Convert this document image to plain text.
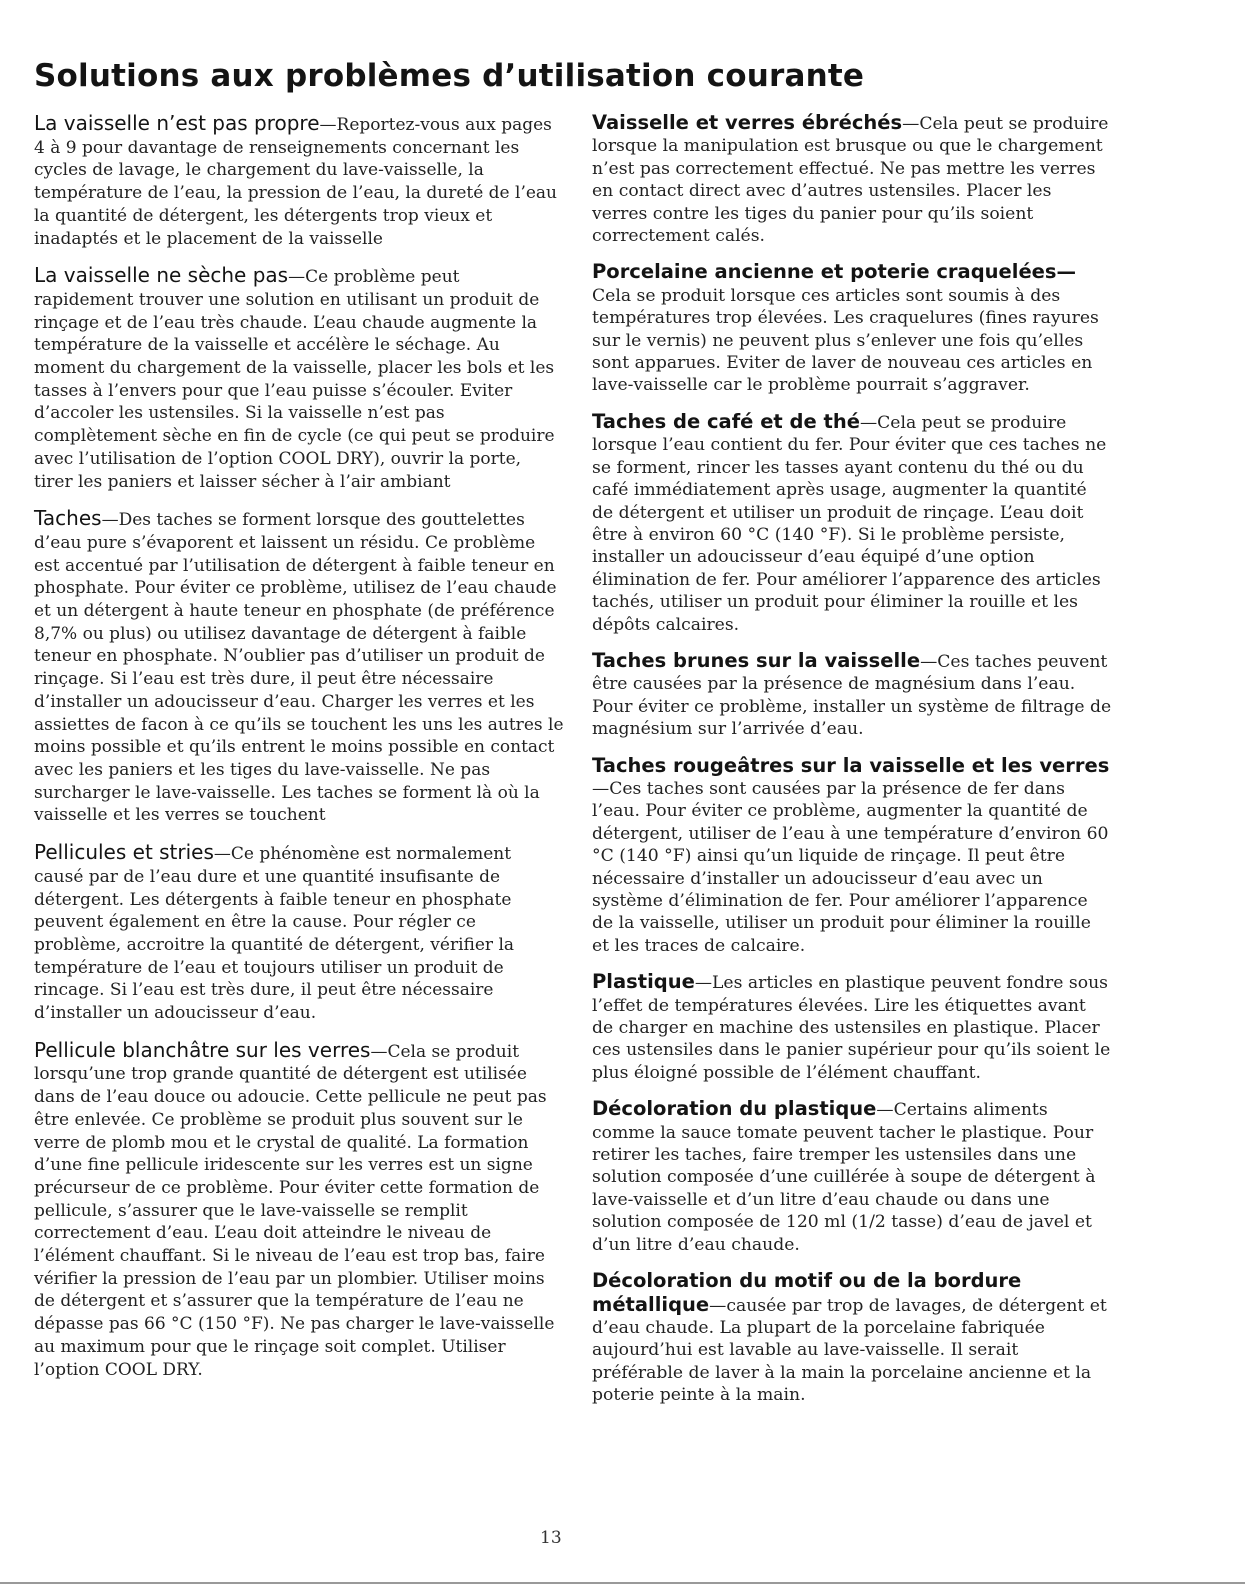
Solutions aux problèmes d’utilisation courante

La vaisselle n’est pas propre—Reportez-vous aux pages 4 à 9 pour davantage de renseignements concernant les cycles de lavage, le chargement du lave-vaisselle, la température de l’eau, la pression de l’eau, la dureté de l’eau la quantité de détergent, les détergents trop vieux et inadaptés et le placement de la vaisselle

La vaisselle ne sèche pas—Ce problème peut rapidement trouver une solution en utilisant un produit de rinçage et de l’eau très chaude. L’eau chaude augmente la température de la vaisselle et accélère le séchage. Au moment du chargement de la vaisselle, placer les bols et les tasses à l’envers pour que l’eau puisse s’écouler. Eviter d’accoler les ustensiles. Si la vaisselle n’est pas complètement sèche en fin de cycle (ce qui peut se produire avec l’utilisation de l’option COOL DRY), ouvrir la porte, tirer les paniers et laisser sécher à l’air ambiant

Taches—Des taches se forment lorsque des gouttelettes d’eau pure s’évaporent et laissent un résidu. Ce problème est accentué par l’utilisation de détergent à faible teneur en phosphate. Pour éviter ce problème, utilisez de l’eau chaude et un détergent à haute teneur en phosphate (de préférence 8,7% ou plus) ou utilisez davantage de détergent à faible teneur en phosphate. N’oublier pas d’utiliser un produit de rinçage. Si l’eau est très dure, il peut être nécessaire d’installer un adoucisseur d’eau. Charger les verres et les assiettes de facon à ce qu’ils se touchent les uns les autres le moins possible et qu’ils entrent le moins possible en contact avec les paniers et les tiges du lave-vaisselle. Ne pas surcharger le lave-vaisselle. Les taches se forment là où la vaisselle et les verres se touchent

Pellicules et stries—Ce phénomène est normalement causé par de l’eau dure et une quantité insufisante de détergent. Les détergents à faible teneur en phosphate peuvent également en être la cause. Pour régler ce problème, accroitre la quantité de détergent, vérifier la température de l’eau et toujours utiliser un produit de rincage. Si l’eau est très dure, il peut être nécessaire d’installer un adoucisseur d’eau.

Pellicule blanchâtre sur les verres—Cela se produit lorsqu’une trop grande quantité de détergent est utilisée dans de l’eau douce ou adoucie. Cette pellicule ne peut pas être enlevée. Ce problème se produit plus souvent sur le verre de plomb mou et le crystal de qualité. La formation d’une fine pellicule iridescente sur les verres est un signe précurseur de ce problème. Pour éviter cette formation de pellicule, s’assurer que le lave-vaisselle se remplit correctement d’eau. L’eau doit atteindre le niveau de l’élément chauffant. Si le niveau de l’eau est trop bas, faire vérifier la pression de l’eau par un plombier. Utiliser moins de détergent et s’assurer que la température de l’eau ne dépasse pas 66 °C (150 °F). Ne pas charger le lave-vaisselle au maximum pour que le rinçage soit complet. Utiliser l’option COOL DRY.

Vaisselle et verres ébréchés—Cela peut se produire lorsque la manipulation est brusque ou que le chargement n’est pas correctement effectué. Ne pas mettre les verres en contact direct avec d’autres ustensiles. Placer les verres contre les tiges du panier pour qu’ils soient correctement calés.

Porcelaine ancienne et poterie craquelées—Cela se produit lorsque ces articles sont soumis à des températures trop élevées. Les craquelures (fines rayures sur le vernis) ne peuvent plus s’enlever une fois qu’elles sont apparues. Eviter de laver de nouveau ces articles en lave-vaisselle car le problème pourrait s’aggraver.

Taches de café et de thé—Cela peut se produire lorsque l’eau contient du fer. Pour éviter que ces taches ne se forment, rincer les tasses ayant contenu du thé ou du café immédiatement après usage, augmenter la quantité de détergent et utiliser un produit de rinçage. L’eau doit être à environ 60 °C (140 °F). Si le problème persiste, installer un adoucisseur d’eau équipé d’une option élimination de fer. Pour améliorer l’apparence des articles tachés, utiliser un produit pour éliminer la rouille et les dépôts calcaires.

Taches brunes sur la vaisselle—Ces taches peuvent être causées par la présence de magnésium dans l’eau. Pour éviter ce problème, installer un système de filtrage de magnésium sur l’arrivée d’eau.

Taches rougeâtres sur la vaisselle et les verres—Ces taches sont causées par la présence de fer dans l’eau. Pour éviter ce problème, augmenter la quantité de détergent, utiliser de l’eau à une température d’environ 60 °C (140 °F) ainsi qu’un liquide de rinçage. Il peut être nécessaire d’installer un adoucisseur d’eau avec un système d’élimination de fer. Pour améliorer l’apparence de la vaisselle, utiliser un produit pour éliminer la rouille et les traces de calcaire.

Plastique—Les articles en plastique peuvent fondre sous l’effet de températures élevées. Lire les étiquettes avant de charger en machine des ustensiles en plastique. Placer ces ustensiles dans le panier supérieur pour qu’ils soient le plus éloigné possible de l’élément chauffant.

Décoloration du plastique—Certains aliments comme la sauce tomate peuvent tacher le plastique. Pour retirer les taches, faire tremper les ustensiles dans une solution composée d’une cuillérée à soupe de détergent à lave-vaisselle et d’un litre d’eau chaude ou dans une solution composée de 120 ml (1/2 tasse) d’eau de javel et d’un litre d’eau chaude.

Décoloration du motif ou de la bordure métallique—causée par trop de lavages, de détergent et d’eau chaude. La plupart de la porcelaine fabriquée aujourd’hui est lavable au lave-vaisselle. Il serait préférable de laver à la main la porcelaine ancienne et la poterie peinte à la main.

13
